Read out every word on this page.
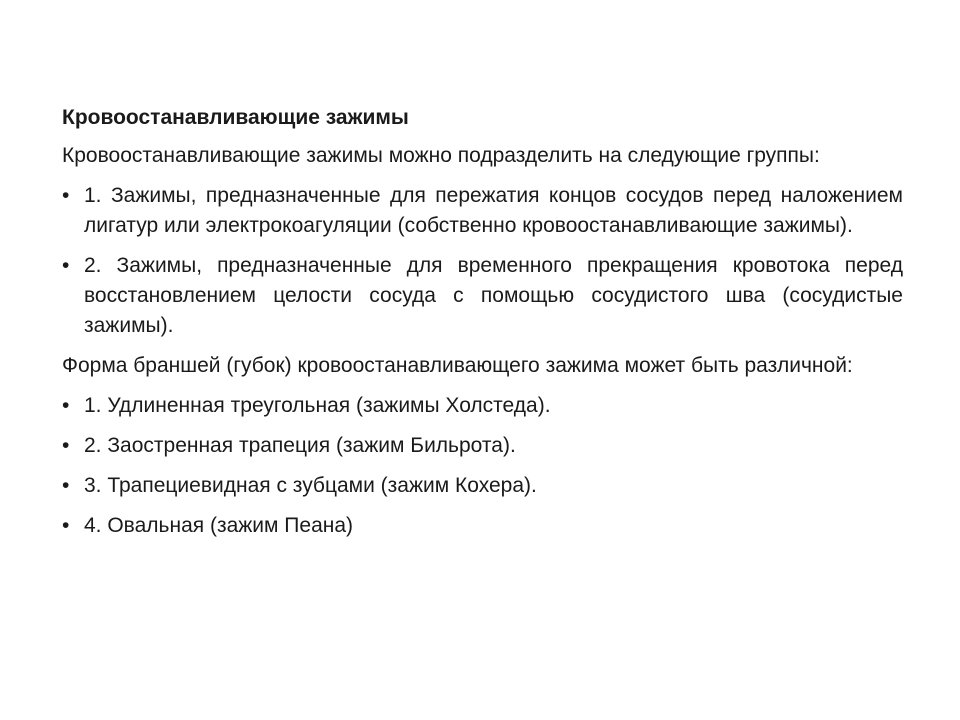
Кровоостанавливающие зажимы
Кровоостанавливающие зажимы можно подразделить на следующие группы:
• 1. Зажимы, предназначенные для пережатия концов сосудов перед наложением лигатур или электрокоагуляции (собственно кровоостанавливающие зажимы).
• 2. Зажимы, предназначенные для временного прекращения кровотока перед восстановлением целости сосуда с помощью сосудистого шва (сосудистые зажимы).
Форма браншей (губок) кровоостанавливающего зажима может быть различной:
• 1. Удлиненная треугольная (зажимы Холстеда).
• 2. Заостренная трапеция (зажим Бильрота).
• 3. Трапециевидная с зубцами (зажим Кохера).
• 4. Овальная (зажим Пеана)
